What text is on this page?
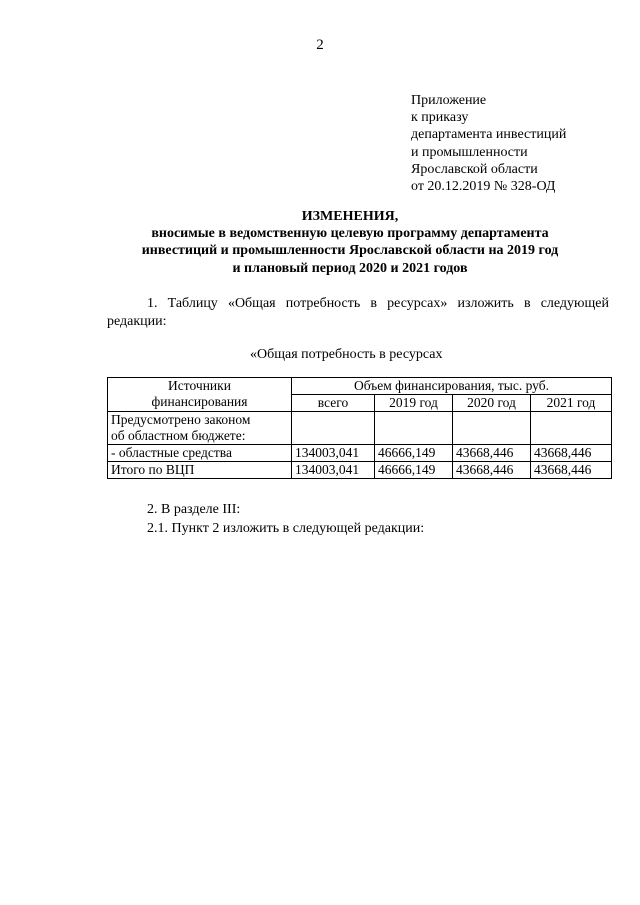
2
Приложение
к приказу
департамента инвестиций
и промышленности
Ярославской области
от 20.12.2019 № 328-ОД
ИЗМЕНЕНИЯ,
вносимые в ведомственную целевую программу департамента
инвестиций и промышленности Ярославской области на 2019 год
и плановый период 2020 и 2021 годов
1. Таблицу «Общая потребность в ресурсах» изложить в следующей
редакции:
«Общая потребность в ресурсах
Источники
финансирования	Объем финансирования, тыс. руб.			
	всего	2019 год	2020 год	2021 год

Предусмотрено законом
об областном бюджете:				

- областные средства	134003,041	46666,149	43668,446	43668,446
Итого по ВЦП	134003,041	46666,149	43668,446	43668,446
2. В разделе III:
2.1. Пункт 2 изложить в следующей редакции:
